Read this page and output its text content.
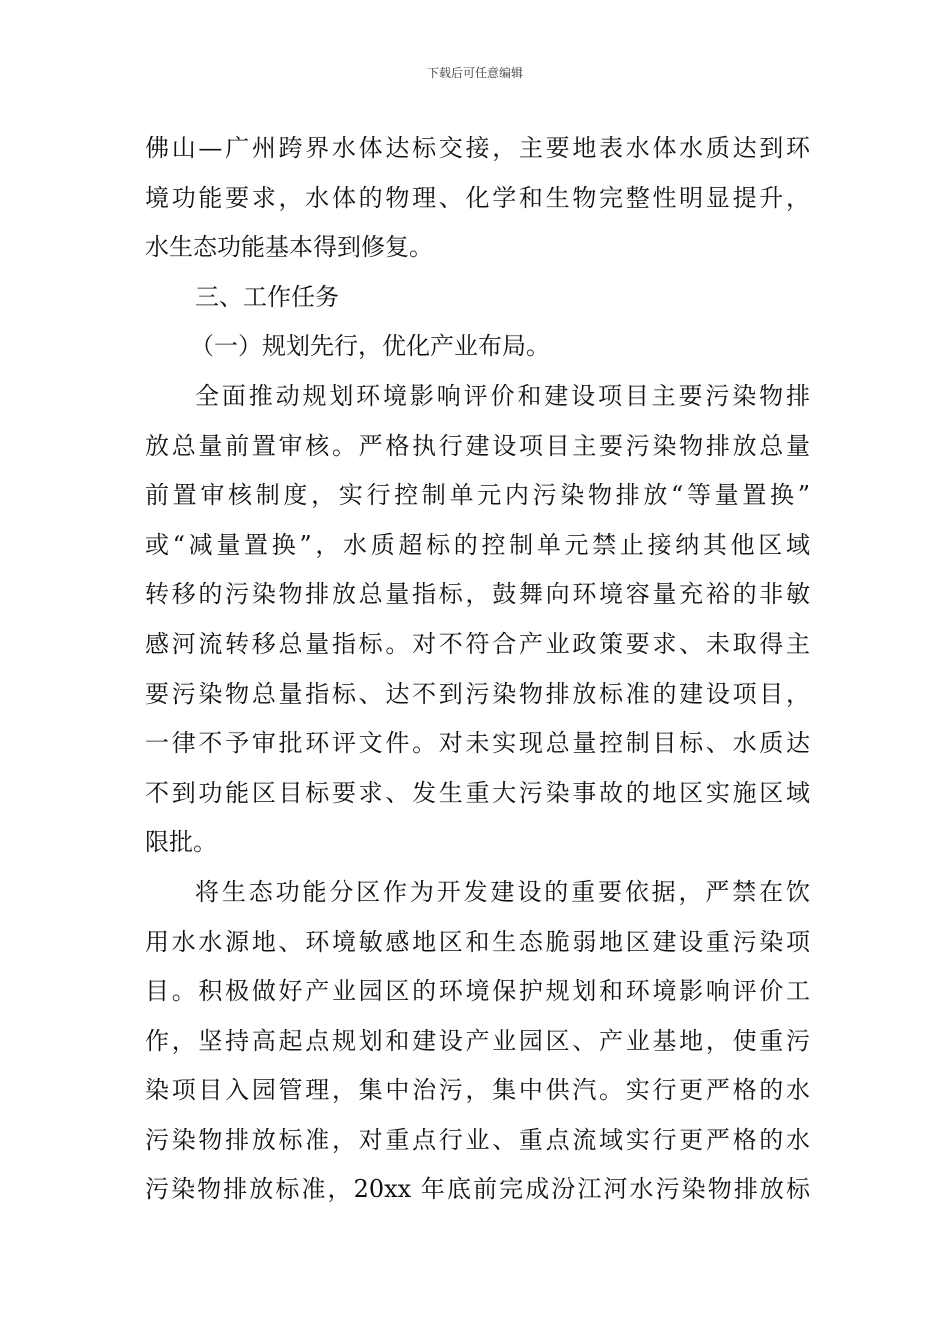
下载后可任意编辑
佛山—广州跨界水体达标交接，主要地表水体水质达到环
境功能要求，水体的物理、化学和生物完整性明显提升，
水生态功能基本得到修复。
三、工作任务
（一）规划先行，优化产业布局。
全面推动规划环境影响评价和建设项目主要污染物排
放总量前置审核。严格执行建设项目主要污染物排放总量
前置审核制度，实行控制单元内污染物排放“等量置换”
或“减量置换”，水质超标的控制单元禁止接纳其他区域
转移的污染物排放总量指标，鼓舞向环境容量充裕的非敏
感河流转移总量指标。对不符合产业政策要求、未取得主
要污染物总量指标、达不到污染物排放标准的建设项目，
一律不予审批环评文件。对未实现总量控制目标、水质达
不到功能区目标要求、发生重大污染事故的地区实施区域
限批。
将生态功能分区作为开发建设的重要依据，严禁在饮
用水水源地、环境敏感地区和生态脆弱地区建设重污染项
目。积极做好产业园区的环境保护规划和环境影响评价工
作，坚持高起点规划和建设产业园区、产业基地，使重污
染项目入园管理，集中治污，集中供汽。实行更严格的水
污染物排放标准，对重点行业、重点流域实行更严格的水
污染物排放标准，20xx 年底前完成汾江河水污染物排放标
